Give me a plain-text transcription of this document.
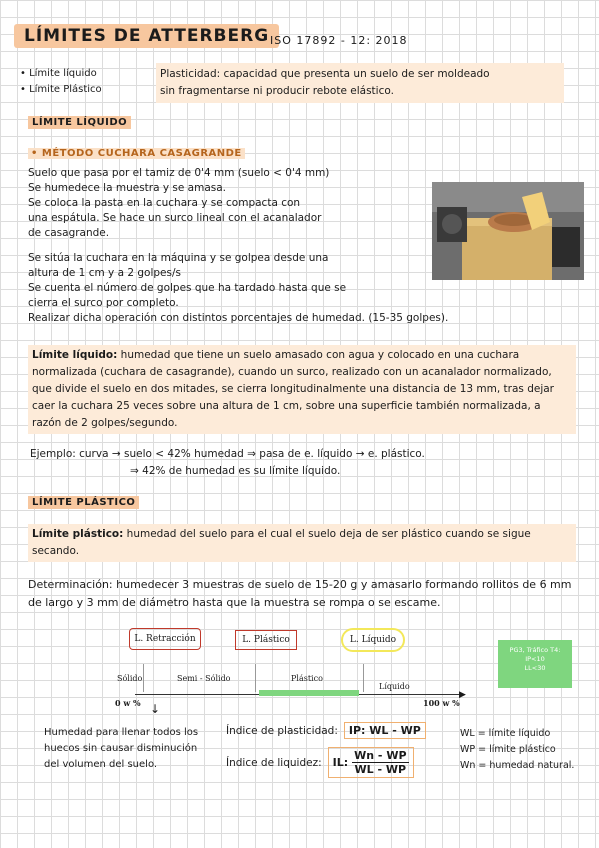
LÍMITES DE ATTERBERG ISO 17892 - 12: 2018
• Límite líquido
• Límite Plástico
Plasticidad: capacidad que presenta un suelo de ser moldeado
sin fragmentarse ni producir rebote elástico.
LÍMITE LÍQUIDO
• MÉTODO CUCHARA CASAGRANDE
Suelo que pasa por el tamiz de 0'4 mm (suelo < 0'4 mm)
Se humedece la muestra y se amasa.
Se coloca la pasta en la cuchara y se compacta con
una espátula. Se hace un surco lineal con el acanalador
de casagrande.
Se sitúa la cuchara en la máquina y se golpea desde una
altura de 1 cm y a 2 golpes/s
Se cuenta el número de golpes que ha tardado hasta que se
cierra el surco por completo.
Realizar dicha operación con distintos porcentajes de humedad. (15-35 golpes).
Límite líquido: humedad que tiene un suelo amasado con agua y colocado en una cuchara normalizada (cuchara de casagrande), cuando un surco, realizado con un acanalador normalizado, que divide el suelo en dos mitades, se cierra longitudinalmente una distancia de 13 mm, tras dejar caer la cuchara 25 veces sobre una altura de 1 cm, sobre una superficie también normalizada, a razón de 2 golpes/segundo.
Ejemplo: curva → suelo < 42% humedad ⇒ pasa de e. líquido → e. plástico.
⇒ 42% de humedad es su límite líquido.
LÍMITE PLÁSTICO
Límite plástico: humedad del suelo para el cual el suelo deja de ser plástico cuando se sigue secando.
Determinación: humedecer 3 muestras de suelo de 15-20 g y amasarlo formando rollitos de 6 mm de largo y 3 mm de diámetro hasta que la muestra se rompa o se escame.
L. Retracción	L. Plástico	L. Líquido
Sólido	Semi - Sólido	Plástico
Líquido
▶
0 w %	100 w %
PG3, Tráfico T4:
IP<10
LL<30
↓
Humedad para llenar todos los huecos sin causar disminución del volumen del suelo.
Índice de plasticidad:	IP: WL - WP
Índice de liquidez: IL: $\frac{Wn - WP}{WL - WP}$
WL = límite líquido
WP = límite plástico
Wn = humedad natural.
